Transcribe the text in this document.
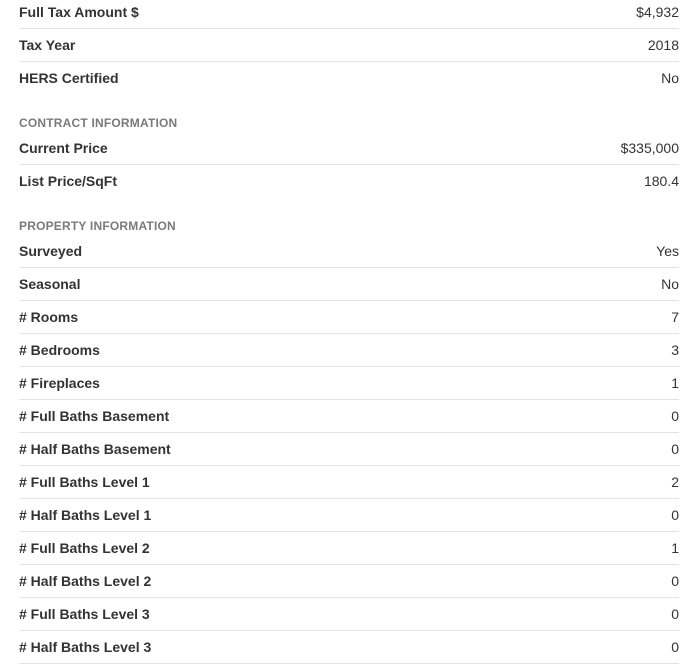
Full Tax Amount $	$4,932
Tax Year	2018
HERS Certified	No
CONTRACT INFORMATION
Current Price	$335,000
List Price/SqFt	180.4
PROPERTY INFORMATION
Surveyed	Yes
Seasonal	No
# Rooms	7
# Bedrooms	3
# Fireplaces	1
# Full Baths Basement	0
# Half Baths Basement	0
# Full Baths Level 1	2
# Half Baths Level 1	0
# Full Baths Level 2	1
# Half Baths Level 2	0
# Full Baths Level 3	0
# Half Baths Level 3	0
